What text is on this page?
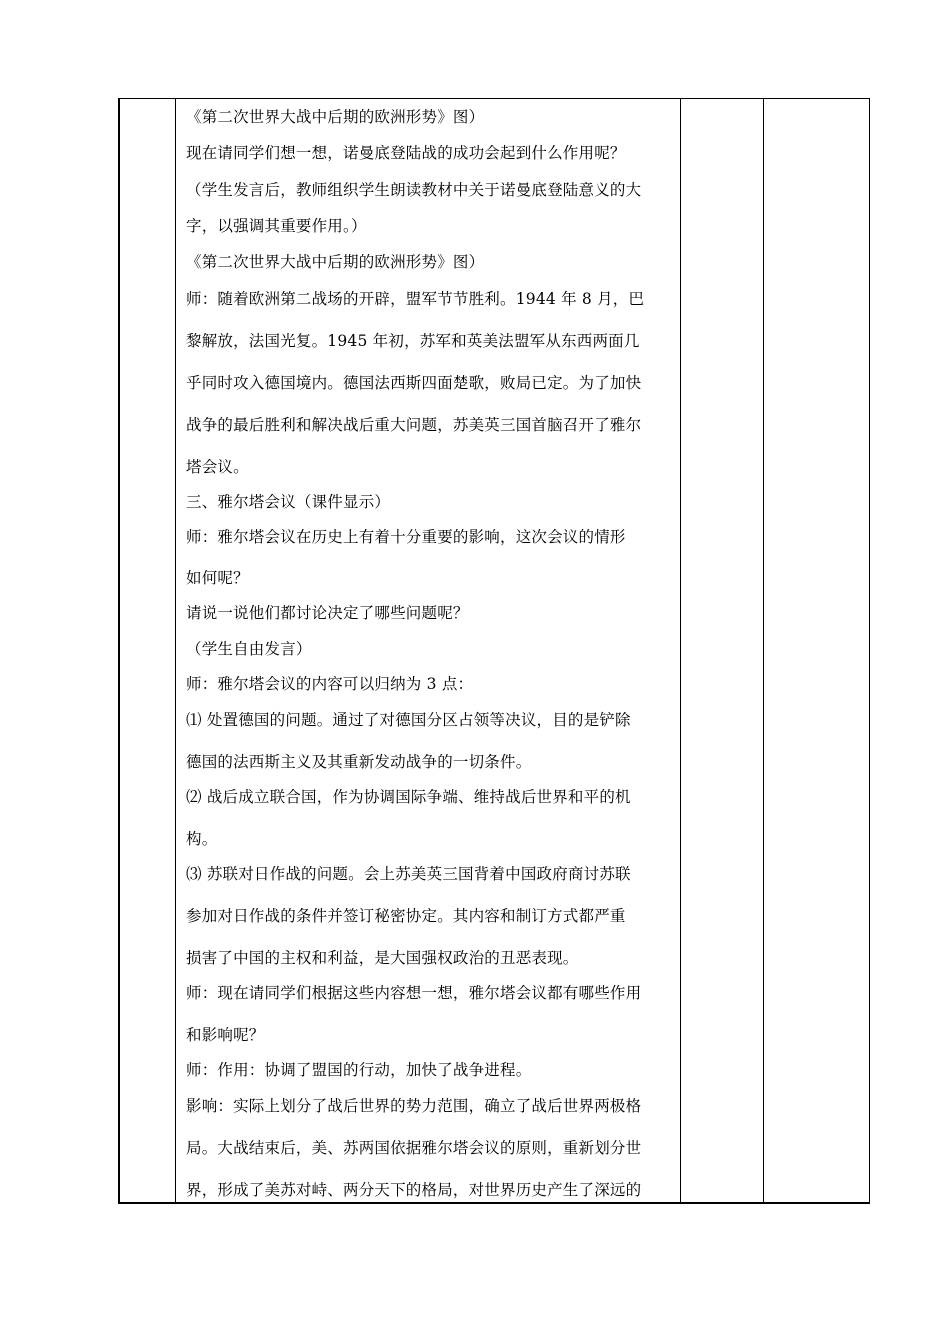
《第二次世界大战中后期的欧洲形势》图）
现在请同学们想一想，诺曼底登陆战的成功会起到什么作用呢？
（学生发言后，教师组织学生朗读教材中关于诺曼底登陆意义的大
字，以强调其重要作用。）
《第二次世界大战中后期的欧洲形势》图）
师：随着欧洲第二战场的开辟，盟军节节胜利。1944 年 8 月，巴
黎解放，法国光复。1945 年初，苏军和英美法盟军从东西两面几
乎同时攻入德国境内。德国法西斯四面楚歌，败局已定。为了加快
战争的最后胜利和解决战后重大问题，苏美英三国首脑召开了雅尔
塔会议。
三、雅尔塔会议（课件显示）
师：雅尔塔会议在历史上有着十分重要的影响，这次会议的情形
如何呢？
请说一说他们都讨论决定了哪些问题呢？
（学生自由发言）
师：雅尔塔会议的内容可以归纳为 3 点：
⑴ 处置德国的问题。通过了对德国分区占领等决议，目的是铲除
德国的法西斯主义及其重新发动战争的一切条件。
⑵ 战后成立联合国，作为协调国际争端、维持战后世界和平的机
构。
⑶ 苏联对日作战的问题。会上苏美英三国背着中国政府商讨苏联
参加对日作战的条件并签订秘密协定。其内容和制订方式都严重
损害了中国的主权和利益，是大国强权政治的丑恶表现。
师：现在请同学们根据这些内容想一想，雅尔塔会议都有哪些作用
和影响呢？
师：作用：协调了盟国的行动，加快了战争进程。
影响：实际上划分了战后世界的势力范围，确立了战后世界两极格
局。大战结束后，美、苏两国依据雅尔塔会议的原则，重新划分世
界，形成了美苏对峙、两分天下的格局，对世界历史产生了深远的
